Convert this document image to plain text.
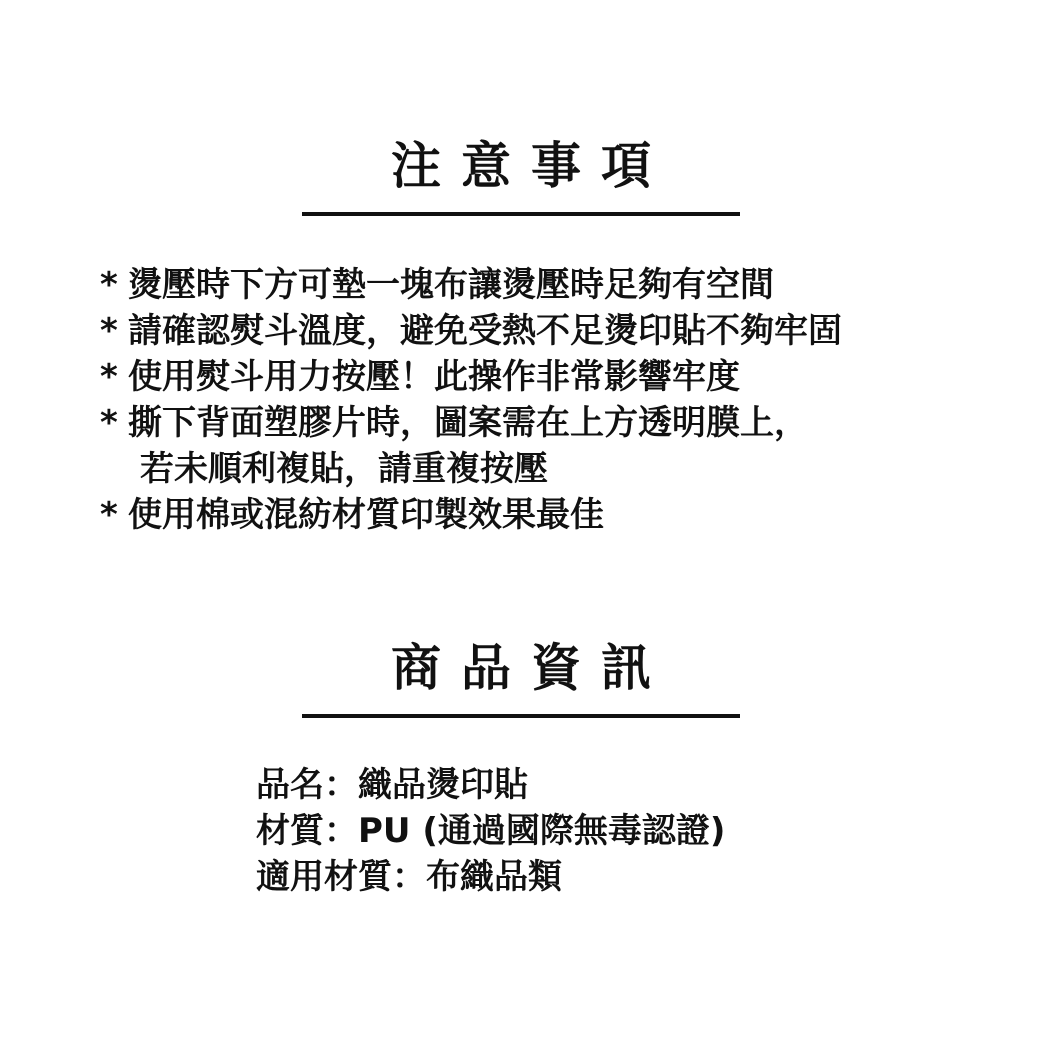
注意事項
* 燙壓時下方可墊一塊布讓燙壓時足夠有空間
* 請確認熨斗溫度，避免受熱不足燙印貼不夠牢固
* 使用熨斗用力按壓！此操作非常影響牢度
* 撕下背面塑膠片時，圖案需在上方透明膜上，
若未順利複貼，請重複按壓
* 使用棉或混紡材質印製效果最佳
商品資訊
品名：織品燙印貼
材質：PU (通過國際無毒認證)
適用材質：布織品類
